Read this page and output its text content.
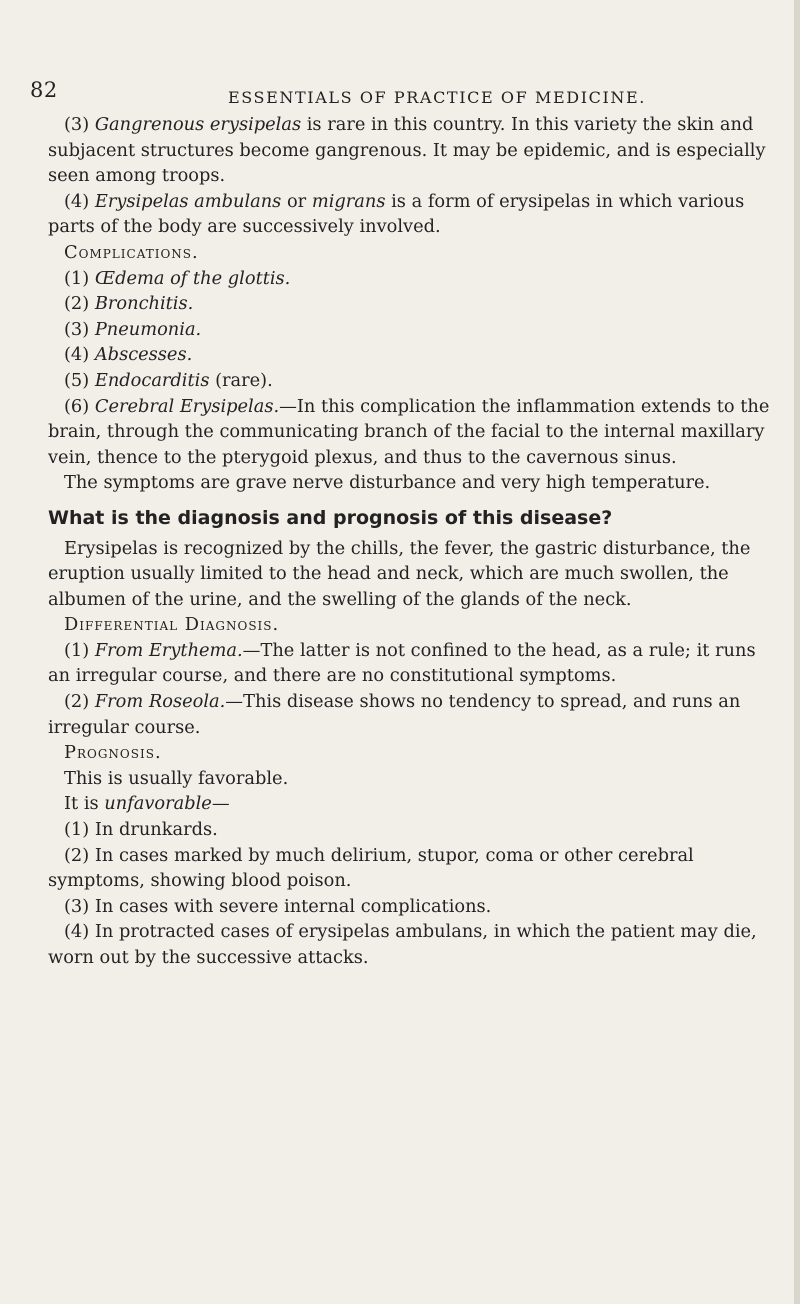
82	ESSENTIALS OF PRACTICE OF MEDICINE.

(3) Gangrenous erysipelas is rare in this country. In this variety the skin and subjacent structures become gangrenous. It may be epidemic, and is especially seen among troops.

(4) Erysipelas ambulans or migrans is a form of erysipelas in which various parts of the body are successively involved.

Complications.

(1) Œdema of the glottis.

(2) Bronchitis.

(3) Pneumonia.

(4) Abscesses.

(5) Endocarditis (rare).

(6) Cerebral Erysipelas.—In this complication the inflammation extends to the brain, through the communicating branch of the facial to the internal maxillary vein, thence to the pterygoid plexus, and thus to the cavernous sinus.

The symptoms are grave nerve disturbance and very high temperature.

What is the diagnosis and prognosis of this disease?

Erysipelas is recognized by the chills, the fever, the gastric disturbance, the eruption usually limited to the head and neck, which are much swollen, the albumen of the urine, and the swelling of the glands of the neck.

Differential Diagnosis.

(1) From Erythema.—The latter is not confined to the head, as a rule; it runs an irregular course, and there are no constitutional symptoms.

(2) From Roseola.—This disease shows no tendency to spread, and runs an irregular course.

Prognosis.

This is usually favorable.

It is unfavorable—

(1) In drunkards.

(2) In cases marked by much delirium, stupor, coma or other cerebral symptoms, showing blood poison.

(3) In cases with severe internal complications.

(4) In protracted cases of erysipelas ambulans, in which the patient may die, worn out by the successive attacks.
